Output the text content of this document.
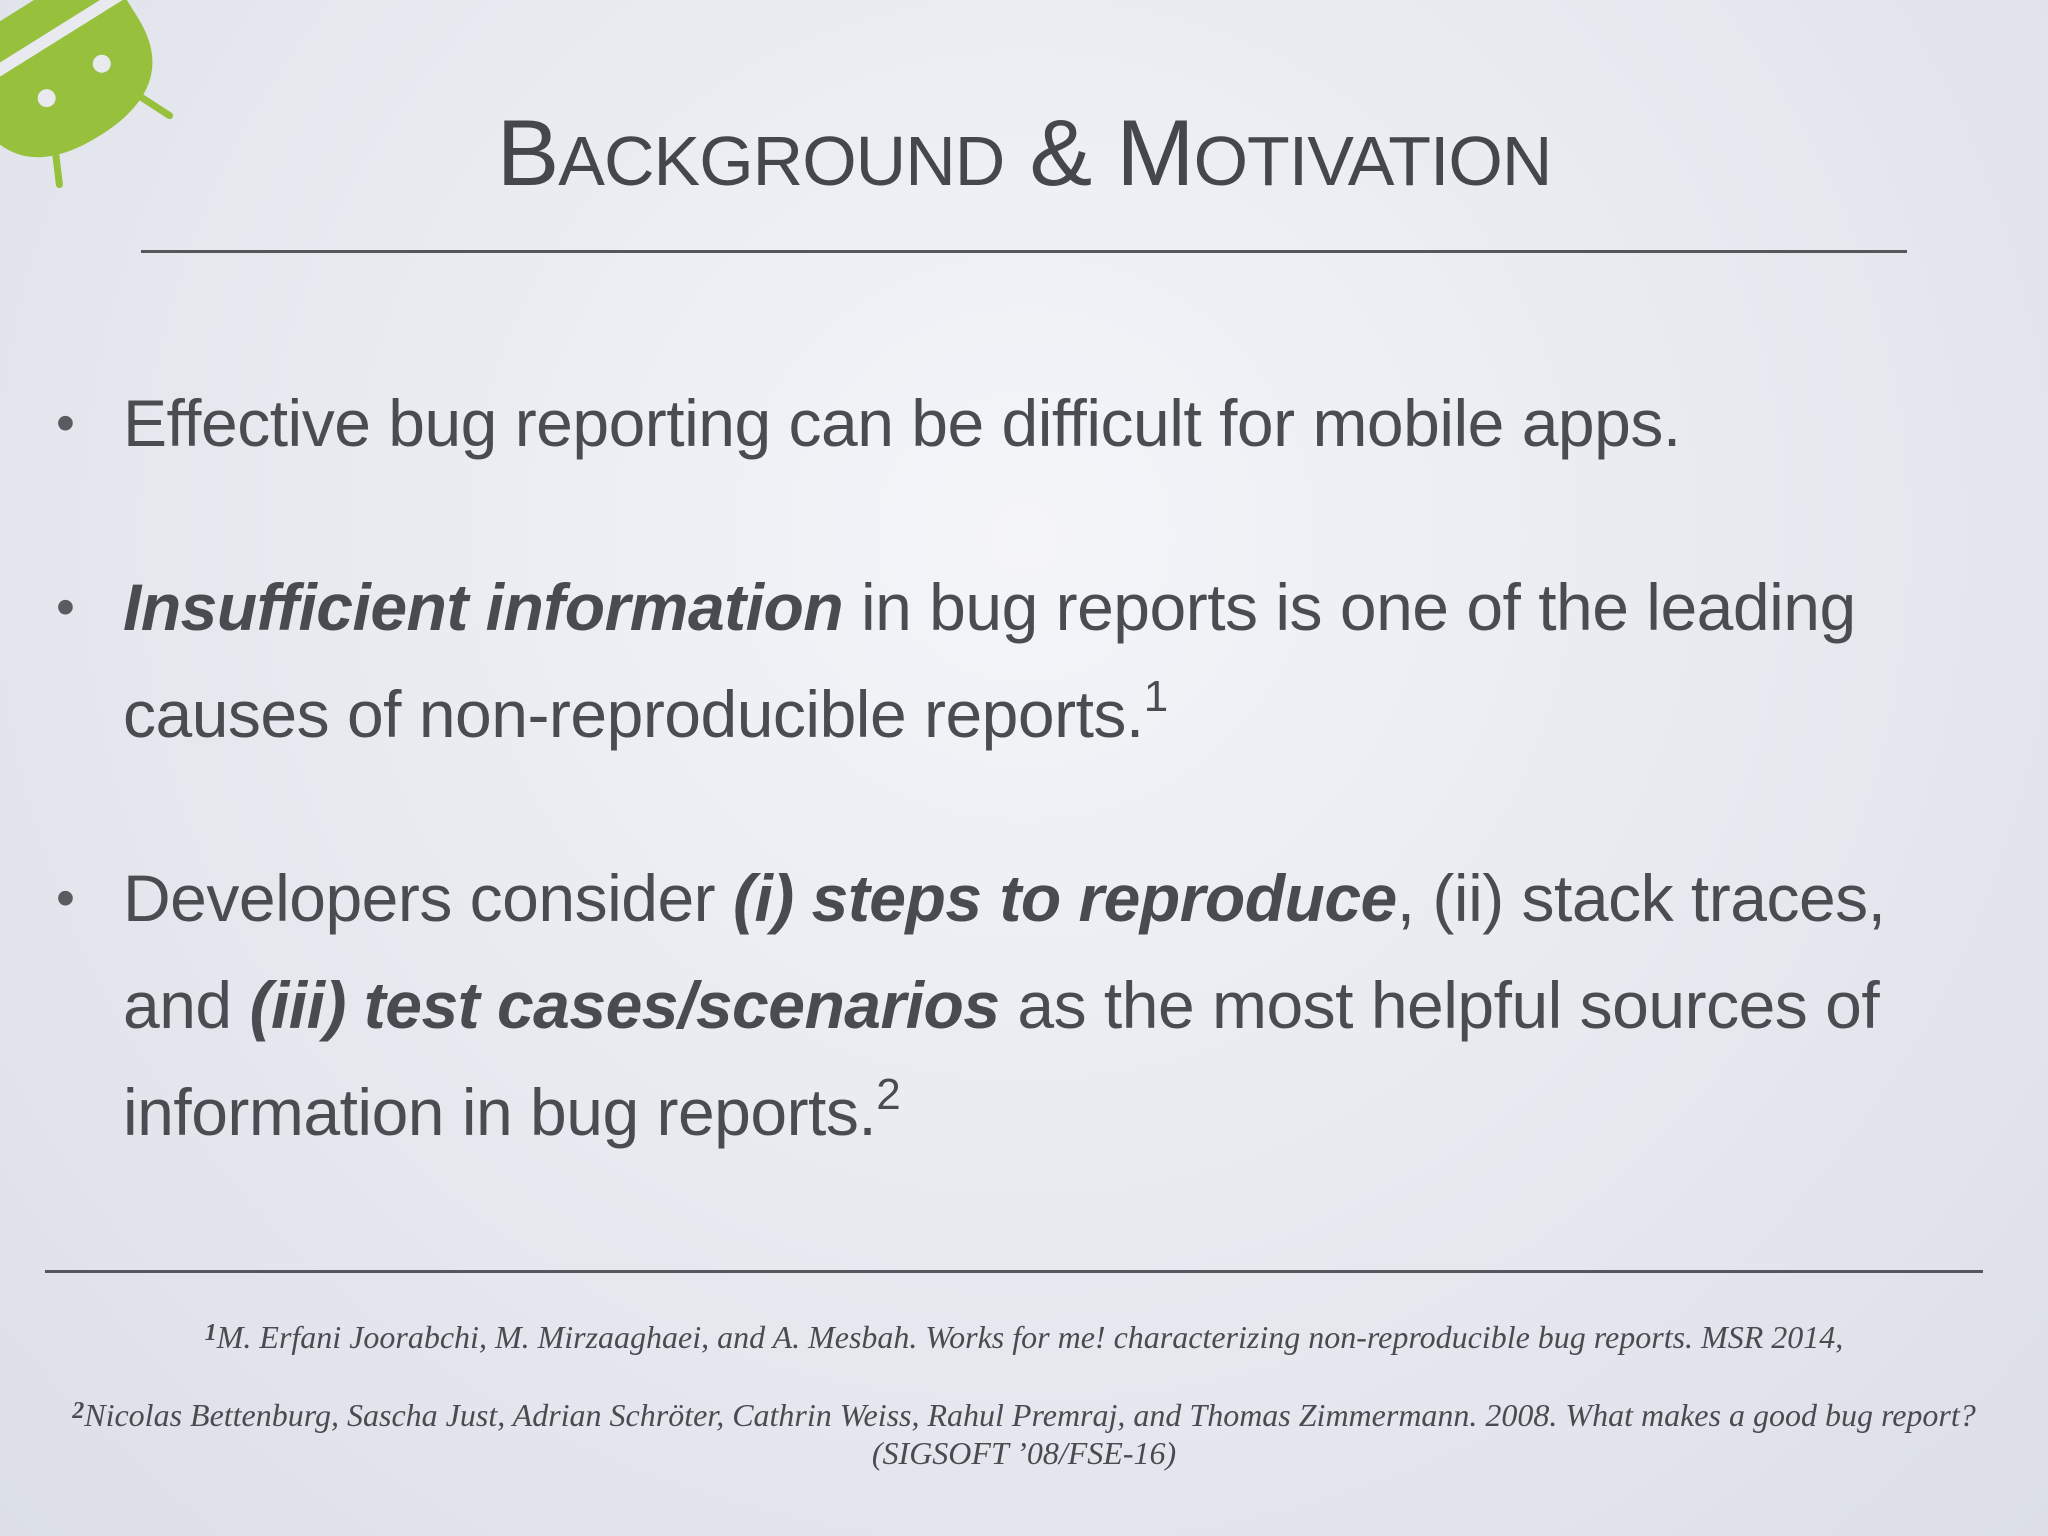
BACKGROUND & MOTIVATION
• Effective bug reporting can be difficult for mobile apps.
• Insufficient information in bug reports is one of the leading causes of non-reproducible reports.$^1$
• Developers consider (i) steps to reproduce, (ii) stack traces, and (iii) test cases/scenarios as the most helpful sources of information in bug reports.$^2$
$^1$M. Erfani Joorabchi, M. Mirzaaghaei, and A. Mesbah. Works for me! characterizing non-reproducible bug reports. MSR 2014,
$^2$Nicolas Bettenburg, Sascha Just, Adrian Schröter, Cathrin Weiss, Rahul Premraj, and Thomas Zimmermann. 2008. What makes a good bug report? (SIGSOFT ’08/FSE-16)
